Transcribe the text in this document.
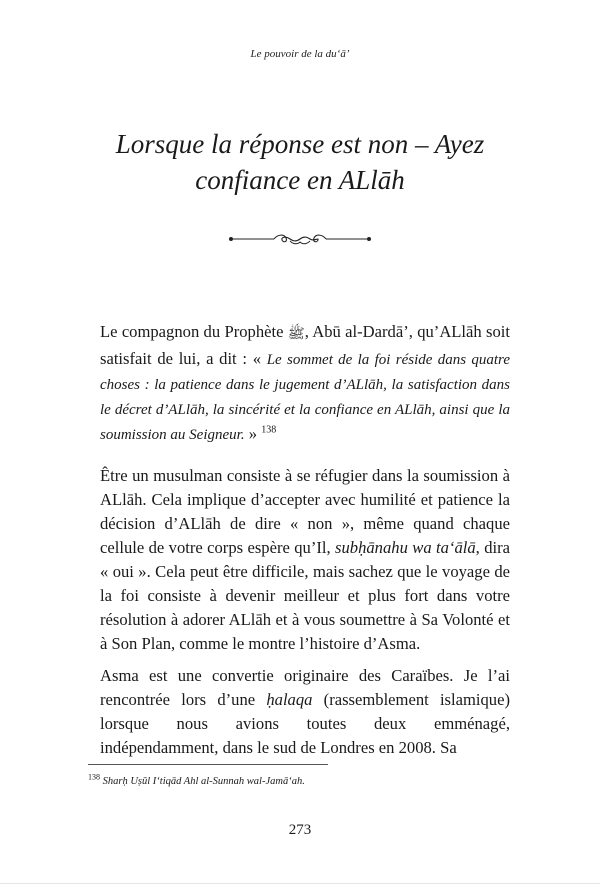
Le pouvoir de la du‘ā’
Lorsque la réponse est non – Ayez
confiance en ALlāh

Le compagnon du Prophète ﷺ, Abū al-Dardā’, qu’ALlāh soit satisfait de lui, a dit : « Le sommet de la foi réside dans quatre choses : la patience dans le jugement d’ALlāh, la satisfaction dans le décret d’ALlāh, la sincérité et la confiance en ALlāh, ainsi que la soumission au Seigneur. » $^{138}$

Être un musulman consiste à se réfugier dans la soumission à ALlāh. Cela implique d’accepter avec humilité et patience la décision d’ALlāh de dire « non », même quand chaque cellule de votre corps espère qu’Il, subḥānahu wa ta‘ālā, dira « oui ». Cela peut être difficile, mais sachez que le voyage de la foi consiste à devenir meilleur et plus fort dans votre résolution à adorer ALlāh et à vous soumettre à Sa Volonté et à Son Plan, comme le montre l’histoire d’Asma.

Asma est une convertie originaire des Caraïbes. Je l’ai rencontrée lors d’une ḥalaqa (rassemblement islamique) lorsque nous avions toutes deux emménagé, indépendamment, dans le sud de Londres en 2008. Sa

$^{138}$ Sharḥ Uṣūl I‘tiqād Ahl al-Sunnah wal-Jamā‘ah.
273
